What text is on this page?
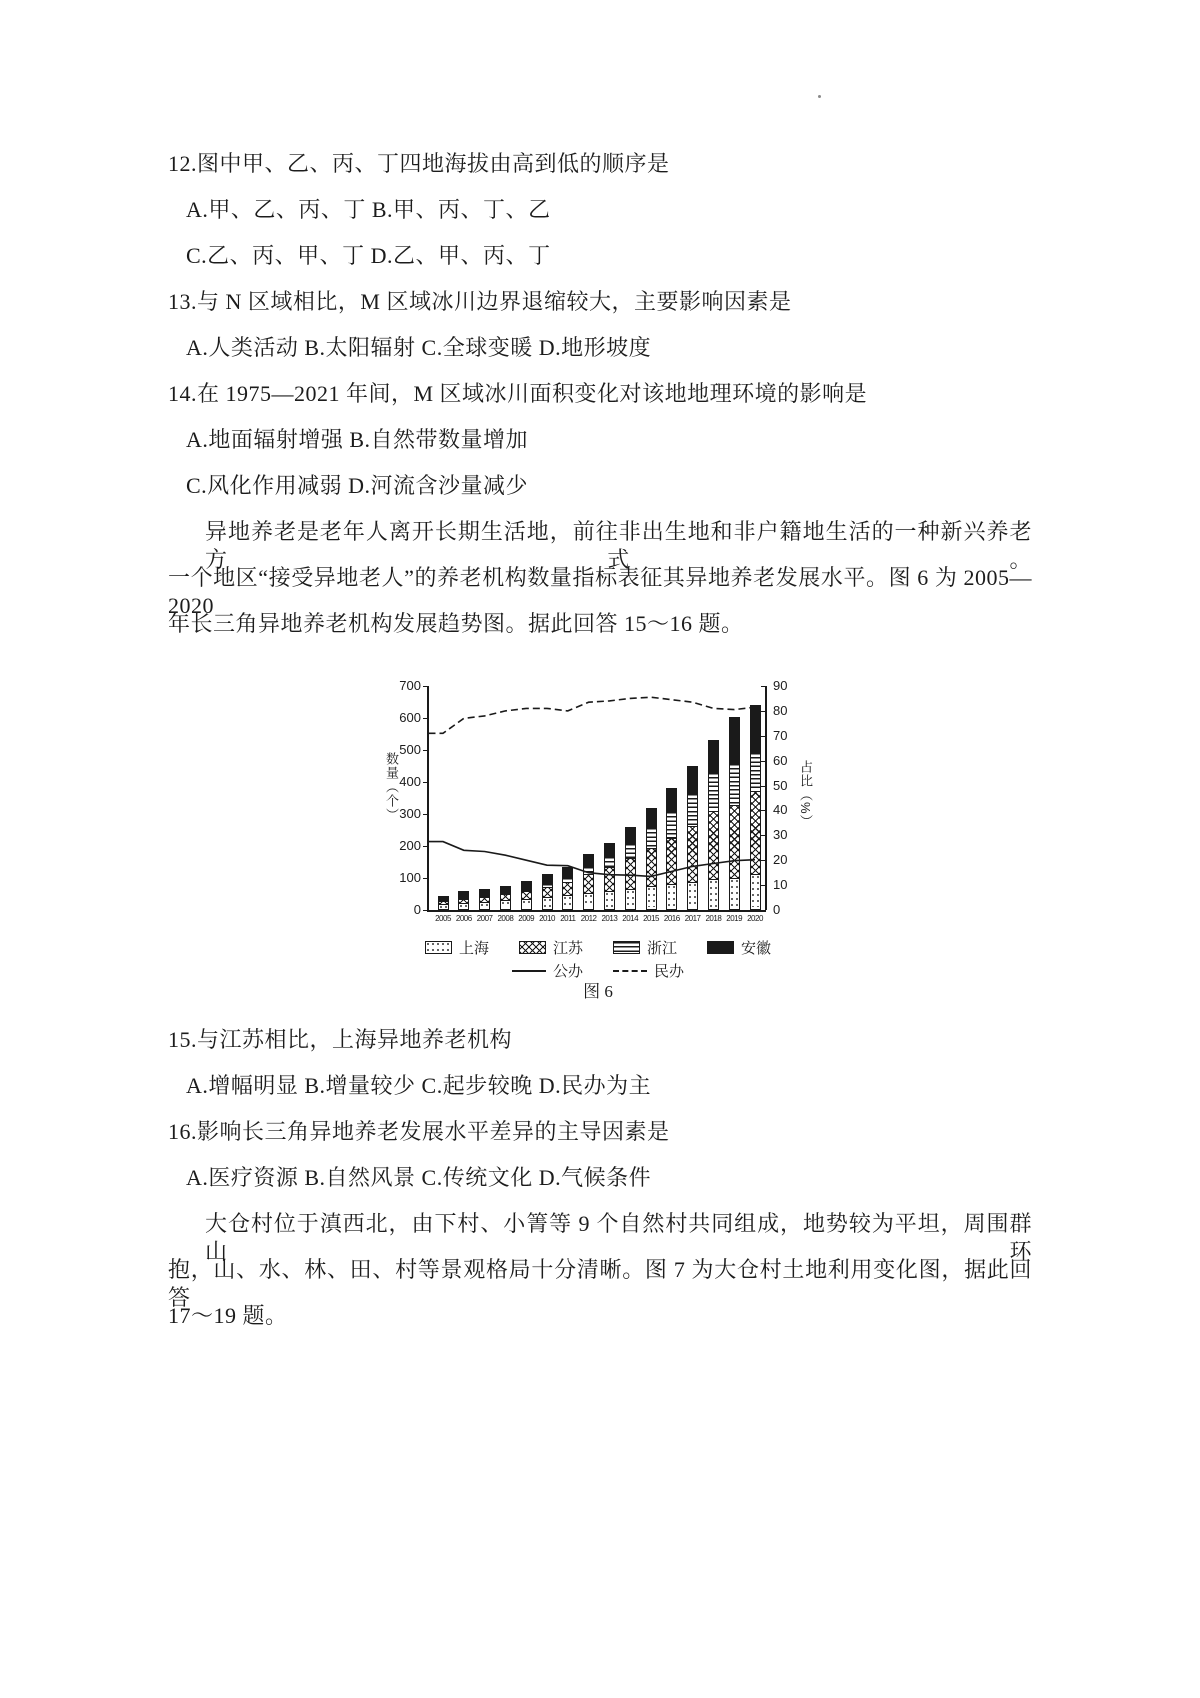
12.图中甲、乙、丙、丁四地海拔由高到低的顺序是
A.甲、乙、丙、丁 B.甲、丙、丁、乙
C.乙、丙、甲、丁 D.乙、甲、丙、丁
13.与 N 区域相比，M 区域冰川边界退缩较大，主要影响因素是
A.人类活动 B.太阳辐射 C.全球变暖 D.地形坡度
14.在 1975—2021 年间，M 区域冰川面积变化对该地地理环境的影响是
A.地面辐射增强 B.自然带数量增加
C.风化作用减弱 D.河流含沙量减少
异地养老是老年人离开长期生活地，前往非出生地和非户籍地生活的一种新兴养老方式。
一个地区“接受异地老人”的养老机构数量指标表征其异地养老发展水平。图 6 为 2005—2020
年长三角异地养老机构发展趋势图。据此回答 15～16 题。
数量（个）	占比（%）
0
100
200
300
400
500
600
700
0
10
20
30
40
50
60
70
80
90
2005 2006 2007 2008 2009 2010 2011 2012 2013 2014 2015 2016 2017 2018 2019 2020
上海	江苏	浙江	安徽
公办	民办
图 6
15.与江苏相比，上海异地养老机构
A.增幅明显 B.增量较少 C.起步较晚 D.民办为主
16.影响长三角异地养老发展水平差异的主导因素是
A.医疗资源 B.自然风景 C.传统文化 D.气候条件
大仓村位于滇西北，由下村、小箐等 9 个自然村共同组成，地势较为平坦，周围群山环
抱，山、水、林、田、村等景观格局十分清晰。图 7 为大仓村土地利用变化图，据此回答
17～19 题。
